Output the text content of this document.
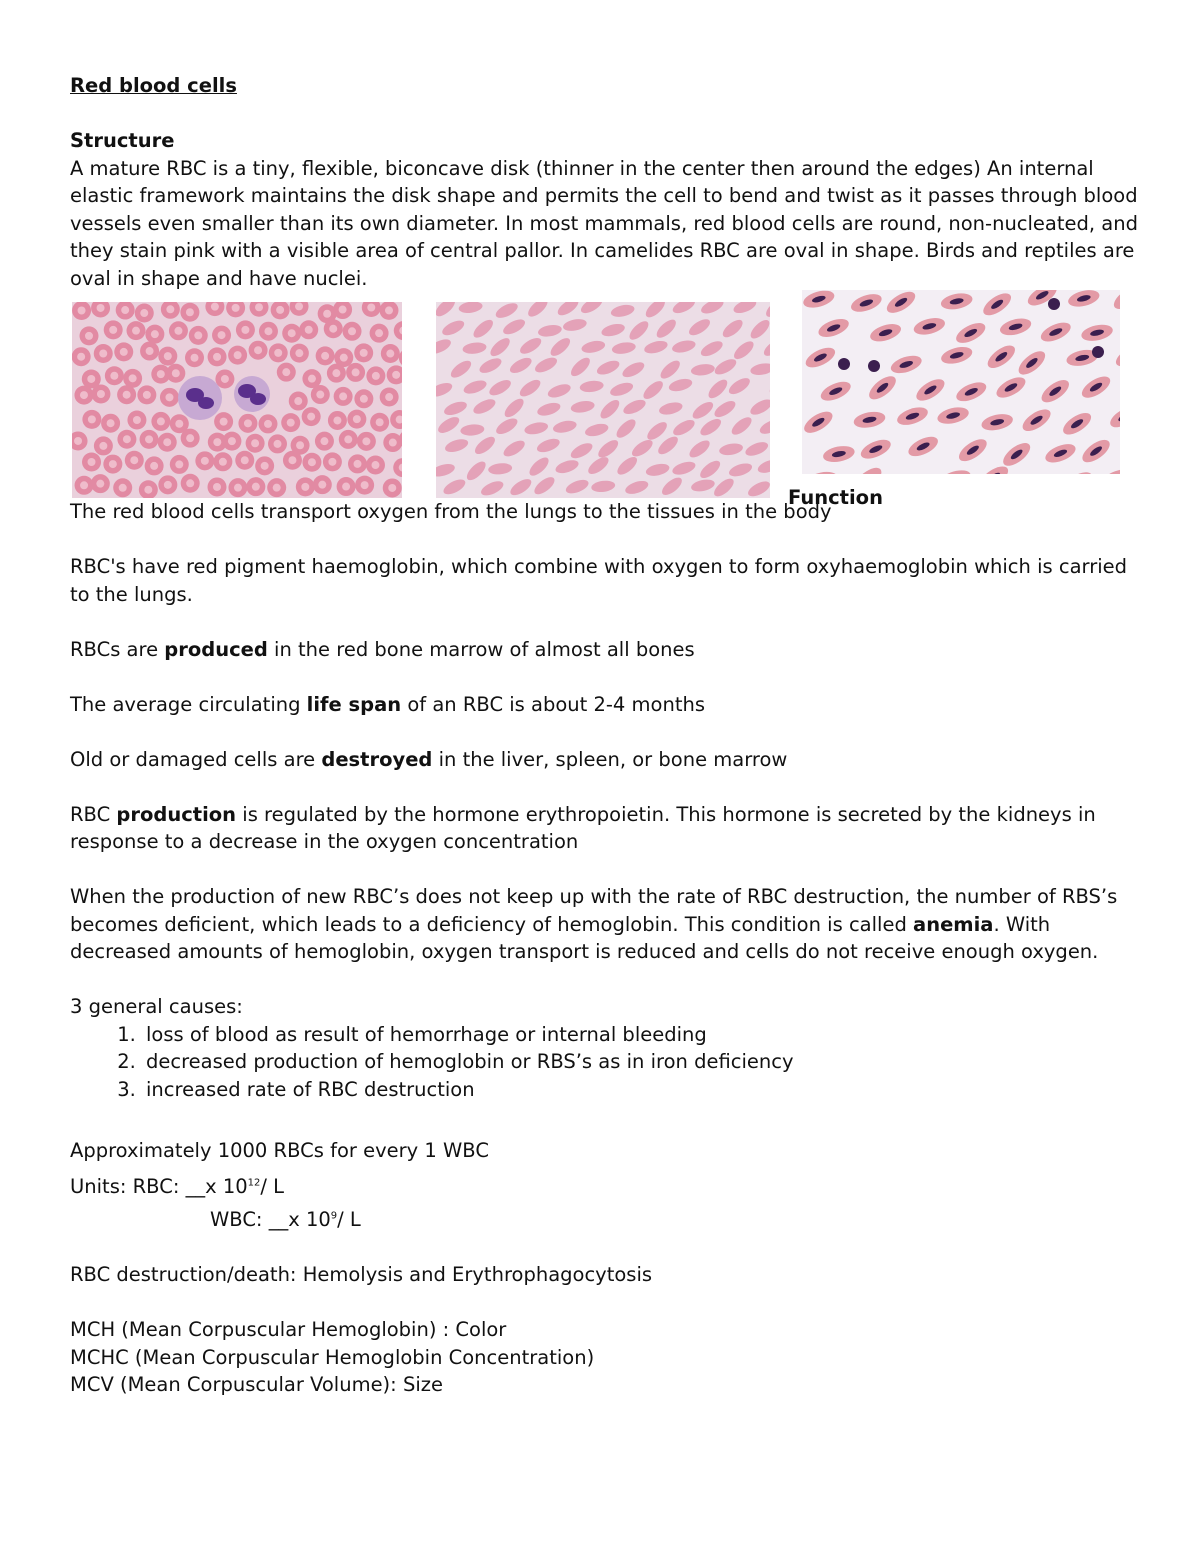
Red blood cells

Structure

A mature RBC is a tiny, flexible, biconcave disk (thinner in the center then around the edges) An internal elastic framework maintains the disk shape and permits the cell to bend and twist as it passes through blood vessels even smaller than its own diameter. In most mammals, red blood cells are round, non-nucleated, and they stain pink with a visible area of central pallor. In camelides RBC are oval in shape. Birds and reptiles are oval in shape and have nuclei.

Function

The red blood cells transport oxygen from the lungs to the tissues in the body

RBC's have red pigment haemoglobin, which combine with oxygen to form oxyhaemoglobin which is carried to the lungs.

RBCs are produced in the red bone marrow of almost all bones

The average circulating life span of an RBC is about 2-4 months

Old or damaged cells are destroyed in the liver, spleen, or bone marrow

RBC production is regulated by the hormone erythropoietin. This hormone is secreted by the kidneys in response to a decrease in the oxygen concentration

When the production of new RBC’s does not keep up with the rate of RBC destruction, the number of RBS’s becomes deficient, which leads to a deficiency of hemoglobin. This condition is called anemia. With decreased amounts of hemoglobin, oxygen transport is reduced and cells do not receive enough oxygen.

3 general causes:

1. loss of blood as result of hemorrhage or internal bleeding
2. decreased production of hemoglobin or RBS’s as in iron deficiency
3. increased rate of RBC destruction

Approximately 1000 RBCs for every 1 WBC

Units: RBC: __x $10^{12}/$ L

WBC: __x $10^9/$ L

RBC destruction/death: Hemolysis and Erythrophagocytosis

MCH (Mean Corpuscular Hemoglobin) : Color

MCHC (Mean Corpuscular Hemoglobin Concentration)

MCV (Mean Corpuscular Volume): Size
